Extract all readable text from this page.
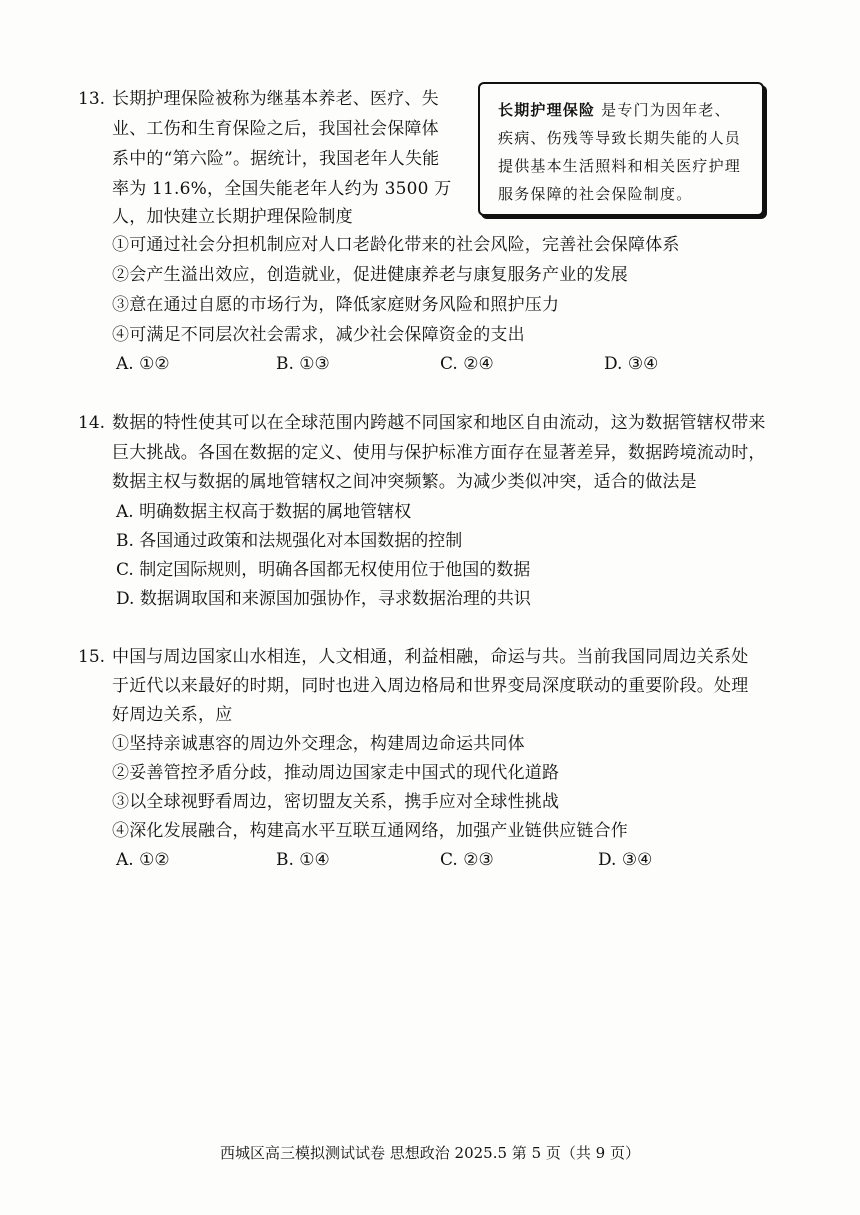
13. 长期护理保险被称为继基本养老、医疗、失
业、工伤和生育保险之后，我国社会保障体
系中的“第六险”。据统计，我国老年人失能
率为 11.6%，全国失能老年人约为 3500 万
人，加快建立长期护理保险制度
长期护理保险 是专门为因年老、
疾病、伤残等导致长期失能的人员
提供基本生活照料和相关医疗护理
服务保障的社会保险制度。
①可通过社会分担机制应对人口老龄化带来的社会风险，完善社会保障体系
②会产生溢出效应，创造就业，促进健康养老与康复服务产业的发展
③意在通过自愿的市场行为，降低家庭财务风险和照护压力
④可满足不同层次社会需求，减少社会保障资金的支出
A. ①②	B. ①③	C. ②④	D. ③④
14. 数据的特性使其可以在全球范围内跨越不同国家和地区自由流动，这为数据管辖权带来
巨大挑战。各国在数据的定义、使用与保护标准方面存在显著差异，数据跨境流动时，
数据主权与数据的属地管辖权之间冲突频繁。为减少类似冲突，适合的做法是
A. 明确数据主权高于数据的属地管辖权
B. 各国通过政策和法规强化对本国数据的控制
C. 制定国际规则，明确各国都无权使用位于他国的数据
D. 数据调取国和来源国加强协作，寻求数据治理的共识
15. 中国与周边国家山水相连，人文相通，利益相融，命运与共。当前我国同周边关系处
于近代以来最好的时期，同时也进入周边格局和世界变局深度联动的重要阶段。处理
好周边关系，应
①坚持亲诚惠容的周边外交理念，构建周边命运共同体
②妥善管控矛盾分歧，推动周边国家走中国式的现代化道路
③以全球视野看周边，密切盟友关系，携手应对全球性挑战
④深化发展融合，构建高水平互联互通网络，加强产业链供应链合作
A. ①②	B. ①④	C. ②③	D. ③④
西城区高三模拟测试试卷 思想政治 2025.5 第 5 页（共 9 页）
